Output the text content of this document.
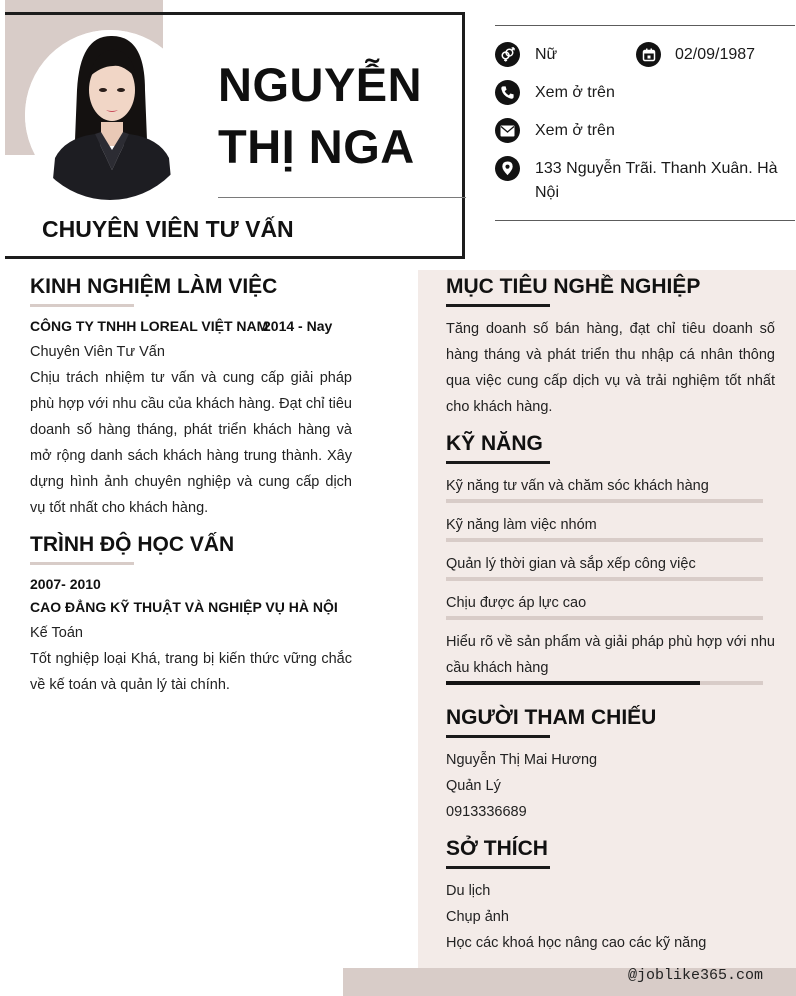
NGUYỄN
THỊ NGA
CHUYÊN VIÊN TƯ VẤN
Nữ	02/09/1987
Xem ở trên
Xem ở trên
133 Nguyễn Trãi. Thanh Xuân. Hà Nội
KINH NGHIỆM LÀM VIỆC
CÔNG TY TNHH LOREAL VIỆT NAM
2014 - Nay
Chuyên Viên Tư Vấn
Chịu trách nhiệm tư vấn và cung cấp giải pháp phù hợp với nhu cầu của khách hàng. Đạt chỉ tiêu doanh số hàng tháng, phát triển khách hàng và mở rộng danh sách khách hàng trung thành. Xây dựng hình ảnh chuyên nghiệp và cung cấp dịch vụ tốt nhất cho khách hàng.
TRÌNH ĐỘ HỌC VẤN
2007- 2010
CAO ĐẲNG KỸ THUẬT VÀ NGHIỆP VỤ HÀ NỘI
Kế Toán
Tốt nghiệp loại Khá, trang bị kiến thức vững chắc về kế toán và quản lý tài chính.
MỤC TIÊU NGHỀ NGHIỆP
Tăng doanh số bán hàng, đạt chỉ tiêu doanh số hàng tháng và phát triển thu nhập cá nhân thông qua việc cung cấp dịch vụ và trải nghiệm tốt nhất cho khách hàng.
KỸ NĂNG
Kỹ năng tư vấn và chăm sóc khách hàng
Kỹ năng làm việc nhóm
Quản lý thời gian và sắp xếp công việc
Chịu được áp lực cao
Hiểu rõ về sản phẩm và giải pháp phù hợp với nhu cầu khách hàng
NGƯỜI THAM CHIẾU
Nguyễn Thị Mai Hương
Quản Lý
0913336689
SỞ THÍCH
Du lịch
Chụp ảnh
Học các khoá học nâng cao các kỹ năng
@joblike365.com
